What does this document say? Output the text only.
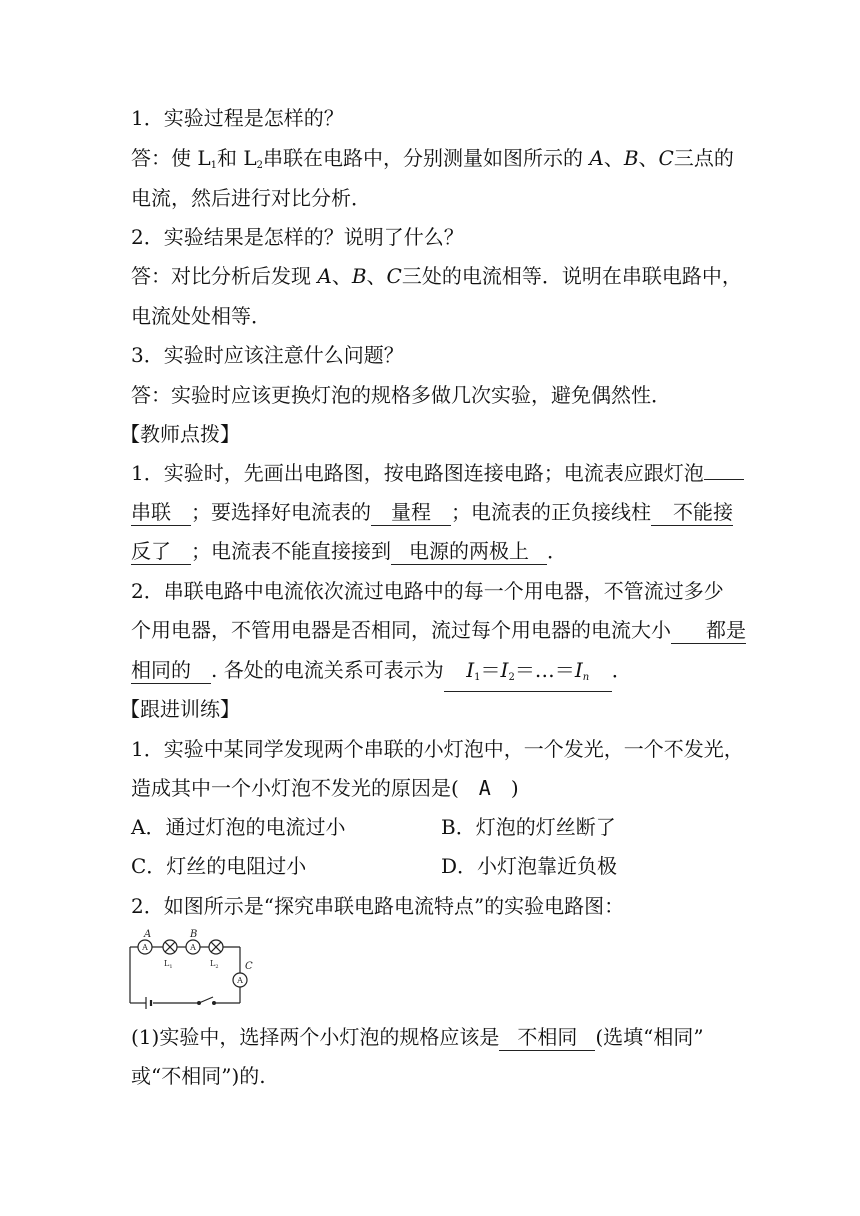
1．实验过程是怎样的？
答：使 $L_1$和 $L_2$串联在电路中，分别测量如图所示的 A、B、C三点的
电流，然后进行对比分析．
2．实验结果是怎样的？说明了什么？
答：对比分析后发现 A、B、C三处的电流相等．说明在串联电路中，
电流处处相等．
3．实验时应该注意什么问题？
答：实验时应该更换灯泡的规格多做几次实验，避免偶然性．
【教师点拨】
1．实验时，先画出电路图，按电路图连接电路；电流表应跟灯泡
串联 ；要选择好电流表的 量程 ；电流表的正负接线柱 不能接
反了 ；电流表不能直接接到 电源的两极上 ．
2．串联电路中电流依次流过电路中的每一个用电器，不管流过多少
个用电器，不管用电器是否相同，流过每个用电器的电流大小 都是
相同的 . 各处的电流关系可表示为 $I_1=I_2=\dots=I_n$ ．
【跟进训练】
1．实验中某同学发现两个串联的小灯泡中，一个发光，一个不发光，
造成其中一个小灯泡不发光的原因是( A )
A．通过灯泡的电流过小	B．灯泡的灯丝断了
C．灯丝的电阻过小	D．小灯泡靠近负极
2．如图所示是“探究串联电路电流特点”的实验电路图：
A	A
A
A	B
C
$L_1$	$L_2$
(1)实验中，选择两个小灯泡的规格应该是 不相同 (选填“相同”
或“不相同”)的.
